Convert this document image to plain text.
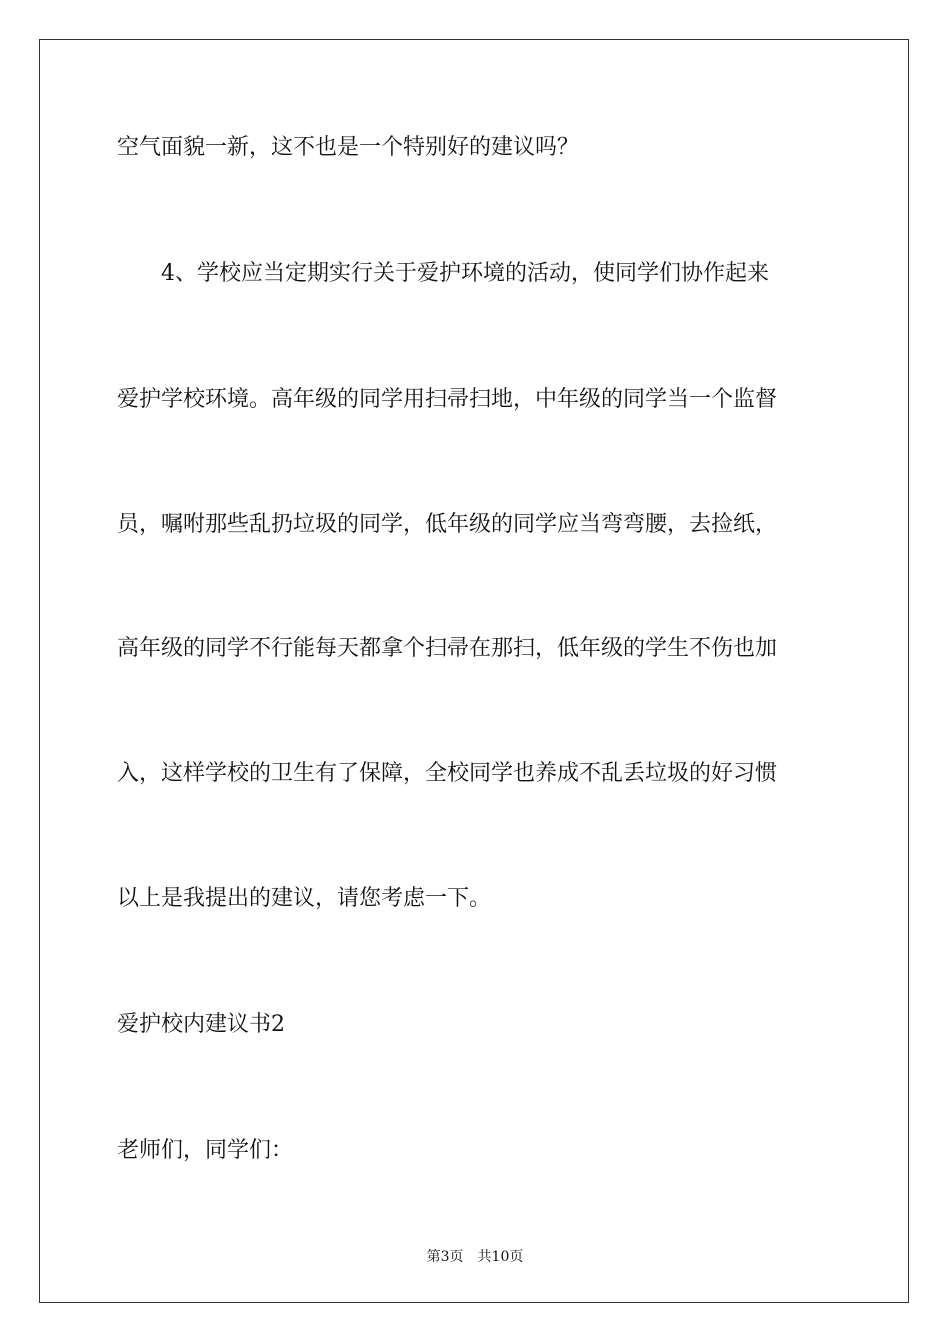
空气面貌一新，这不也是一个特别好的建议吗？

4、学校应当定期实行关于爱护环境的活动，使同学们协作起来

爱护学校环境。高年级的同学用扫帚扫地，中年级的同学当一个监督

员，嘱咐那些乱扔垃圾的同学，低年级的同学应当弯弯腰，去捡纸，

高年级的同学不行能每天都拿个扫帚在那扫，低年级的学生不伤也加

入，这样学校的卫生有了保障，全校同学也养成不乱丢垃圾的好习惯

以上是我提出的建议，请您考虑一下。

爱护校内建议书2

老师们，同学们：

第3页　共10页
